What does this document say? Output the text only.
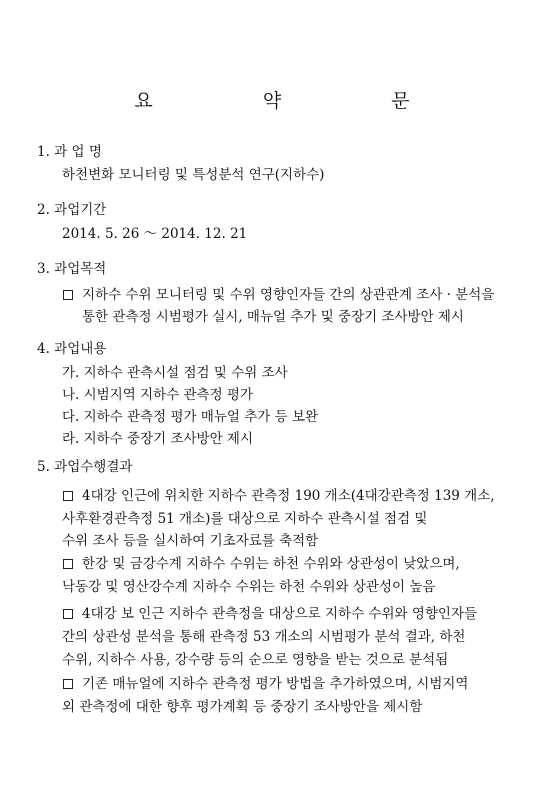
요 약 문
1. 과 업 명
하천변화 모니터링 및 특성분석 연구(지하수)
2. 과업기간
2014. 5. 26 ～ 2014. 12. 21
3. 과업목적
지하수 수위 모니터링 및 수위 영향인자들 간의 상관관계 조사 · 분석을
통한 관측정 시범평가 실시, 매뉴얼 추가 및 중장기 조사방안 제시
4. 과업내용
가. 지하수 관측시설 점검 및 수위 조사
나. 시범지역 지하수 관측정 평가
다. 지하수 관측정 평가 매뉴얼 추가 등 보완
라. 지하수 중장기 조사방안 제시
5. 과업수행결과
4대강 인근에 위치한 지하수 관측정 190 개소(4대강관측정 139 개소,
사후환경관측정 51 개소)를 대상으로 지하수 관측시설 점검 및
수위 조사 등을 실시하여 기초자료를 축적함
한강 및 금강수계 지하수 수위는 하천 수위와 상관성이 낮았으며,
낙동강 및 영산강수계 지하수 수위는 하천 수위와 상관성이 높음
4대강 보 인근 지하수 관측정을 대상으로 지하수 수위와 영향인자들
간의 상관성 분석을 통해 관측정 53 개소의 시범평가 분석 결과, 하천
수위, 지하수 사용, 강수량 등의 순으로 영향을 받는 것으로 분석됨
기존 매뉴얼에 지하수 관측정 평가 방법을 추가하였으며, 시범지역
외 관측정에 대한 향후 평가계획 등 중장기 조사방안을 제시함
